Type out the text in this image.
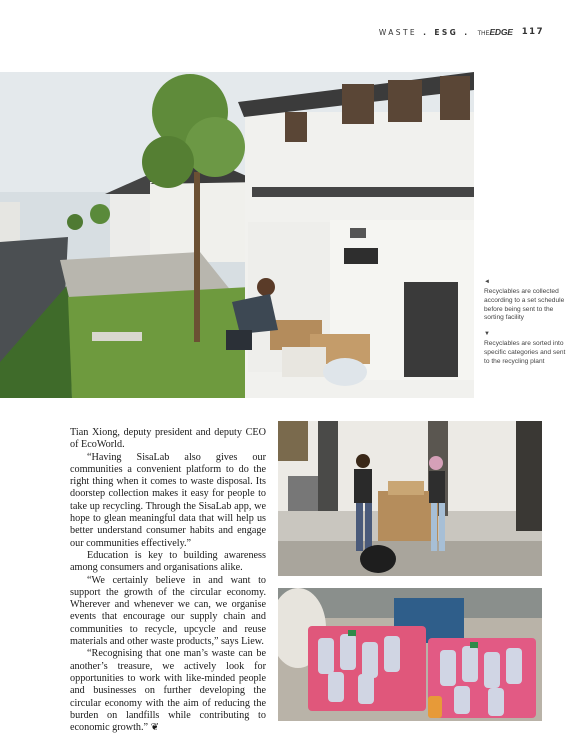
WASTE . ESG . THEEDGE 117
◄
Recyclables are collected according to a set schedule before being sent to the sorting facility
▼
Recyclables are sorted into specific categories and sent to the recycling plant

Tian Xiong, deputy president and deputy CEO of EcoWorld.

“Having SisaLab also gives our communities a convenient platform to do the right thing when it comes to waste disposal. Its doorstep collection makes it easy for people to take up recycling. Through the SisaLab app, we hope to glean meaningful data that will help us better understand consumer habits and engage our communities effectively.”

Education is key to building awareness among consumers and organisations alike.

“We certainly believe in and want to support the growth of the circular economy. Wherever and whenever we can, we organise events that encourage our supply chain and communities to recycle, upcycle and reuse materials and other waste products,” says Liew.

“Recognising that one man’s waste can be another’s treasure, we actively look for opportunities to work with like-minded people and businesses on further developing the circular economy with the aim of reducing the burden on landfills while contributing to economic growth.” ❦
